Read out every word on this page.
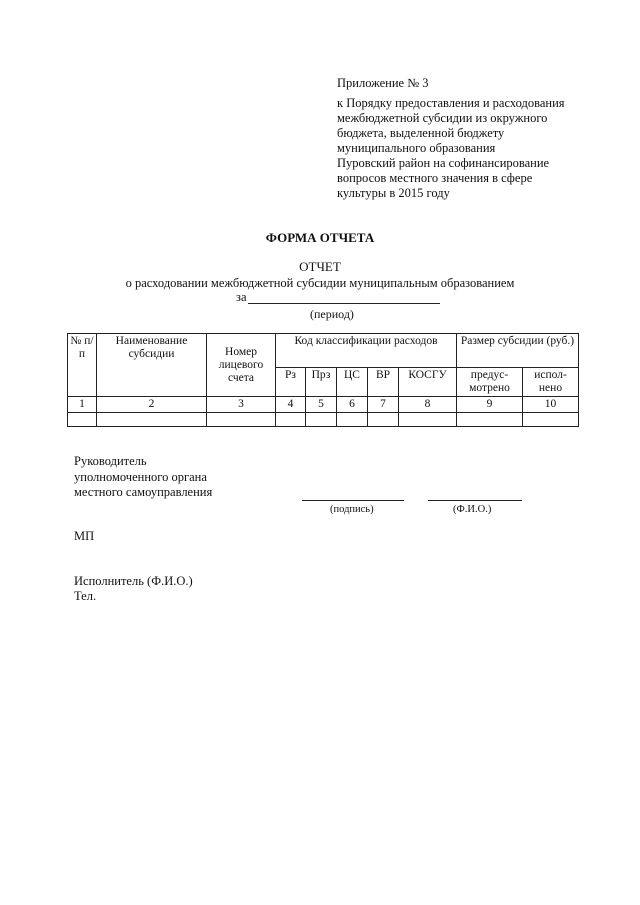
Приложение № 3
к Порядку предоставления и расходования
межбюджетной субсидии из окружного
бюджета, выделенной бюджету
муниципального образования
Пуровский район на софинансирование
вопросов местного значения в сфере
культуры в 2015 году
ФОРМА ОТЧЕТА
ОТЧЕТ
о расходовании межбюджетной субсидии муниципальным образованием
за
(период)
№ п/п	Наименование субсидии	Номер лицевого счета	Код классификации расходов					Размер субсидии (руб.)	
			Рз	Прз	ЦС	ВР	КОСГУ	предус-мотрено	испол-нено
1	2	3	4	5	6	7	8	9	10

Руководитель
уполномоченного органа
местного самоуправления
(подпись)	(Ф.И.О.)
МП
Исполнитель (Ф.И.О.)
Тел.
